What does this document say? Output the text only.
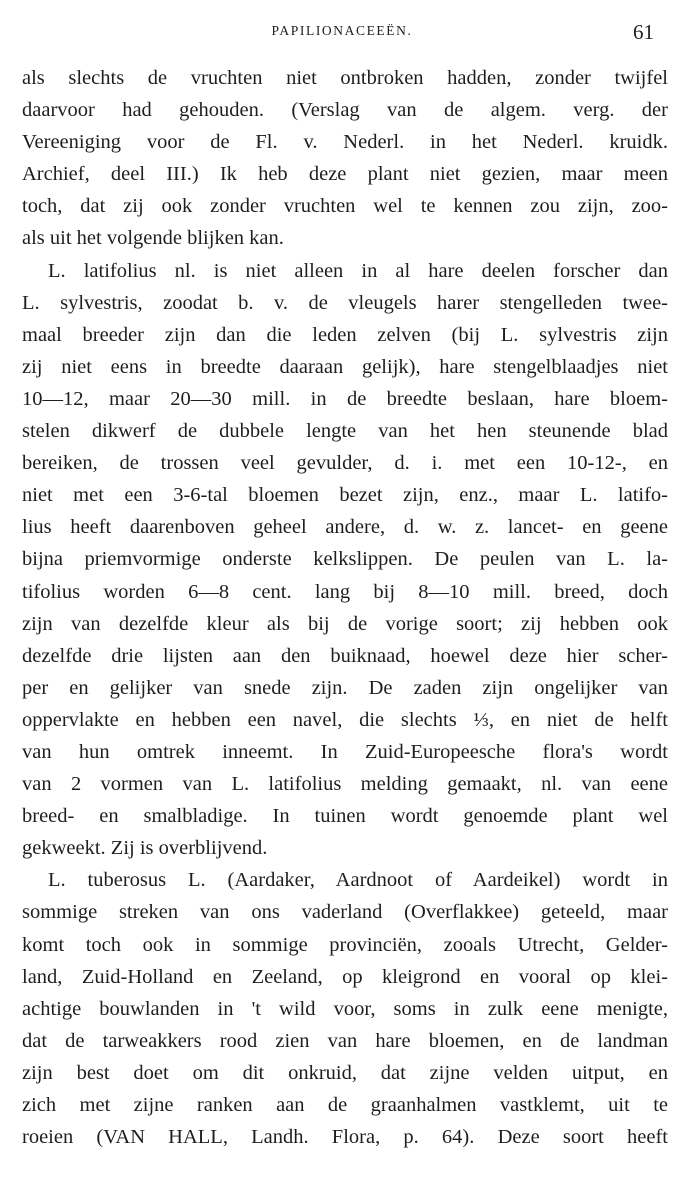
PAPILIONACEEËN.	61
als slechts de vruchten niet ontbroken hadden, zonder twijfel
daarvoor had gehouden. (Verslag van de algem. verg. der
Vereeniging voor de Fl. v. Nederl. in het Nederl. kruidk.
Archief, deel III.) Ik heb deze plant niet gezien, maar meen
toch, dat zij ook zonder vruchten wel te kennen zou zijn, zoo-
als uit het volgende blijken kan.
L. latifolius nl. is niet alleen in al hare deelen forscher dan
L. sylvestris, zoodat b. v. de vleugels harer stengelleden twee-
maal breeder zijn dan die leden zelven (bij L. sylvestris zijn
zij niet eens in breedte daaraan gelijk), hare stengelblaadjes niet
10—12, maar 20—30 mill. in de breedte beslaan, hare bloem-
stelen dikwerf de dubbele lengte van het hen steunende blad
bereiken, de trossen veel gevulder, d. i. met een 10-12-, en
niet met een 3-6-tal bloemen bezet zijn, enz., maar L. latifo-
lius heeft daarenboven geheel andere, d. w. z. lancet- en geene
bijna priemvormige onderste kelkslippen. De peulen van L. la-
tifolius worden 6—8 cent. lang bij 8—10 mill. breed, doch
zijn van dezelfde kleur als bij de vorige soort; zij hebben ook
dezelfde drie lijsten aan den buiknaad, hoewel deze hier scher-
per en gelijker van snede zijn. De zaden zijn ongelijker van
oppervlakte en hebben een navel, die slechts ⅓, en niet de helft
van hun omtrek inneemt. In Zuid-Europeesche flora's wordt
van 2 vormen van L. latifolius melding gemaakt, nl. van eene
breed- en smalbladige. In tuinen wordt genoemde plant wel
gekweekt. Zij is overblijvend.
L. tuberosus L. (Aardaker, Aardnoot of Aardeikel) wordt in
sommige streken van ons vaderland (Overflakkee) geteeld, maar
komt toch ook in sommige provinciën, zooals Utrecht, Gelder-
land, Zuid-Holland en Zeeland, op kleigrond en vooral op klei-
achtige bouwlanden in 't wild voor, soms in zulk eene menigte,
dat de tarweakkers rood zien van hare bloemen, en de landman
zijn best doet om dit onkruid, dat zijne velden uitput, en
zich met zijne ranken aan de graanhalmen vastklemt, uit te
roeien (VAN HALL, Landh. Flora, p. 64). Deze soort heeft
